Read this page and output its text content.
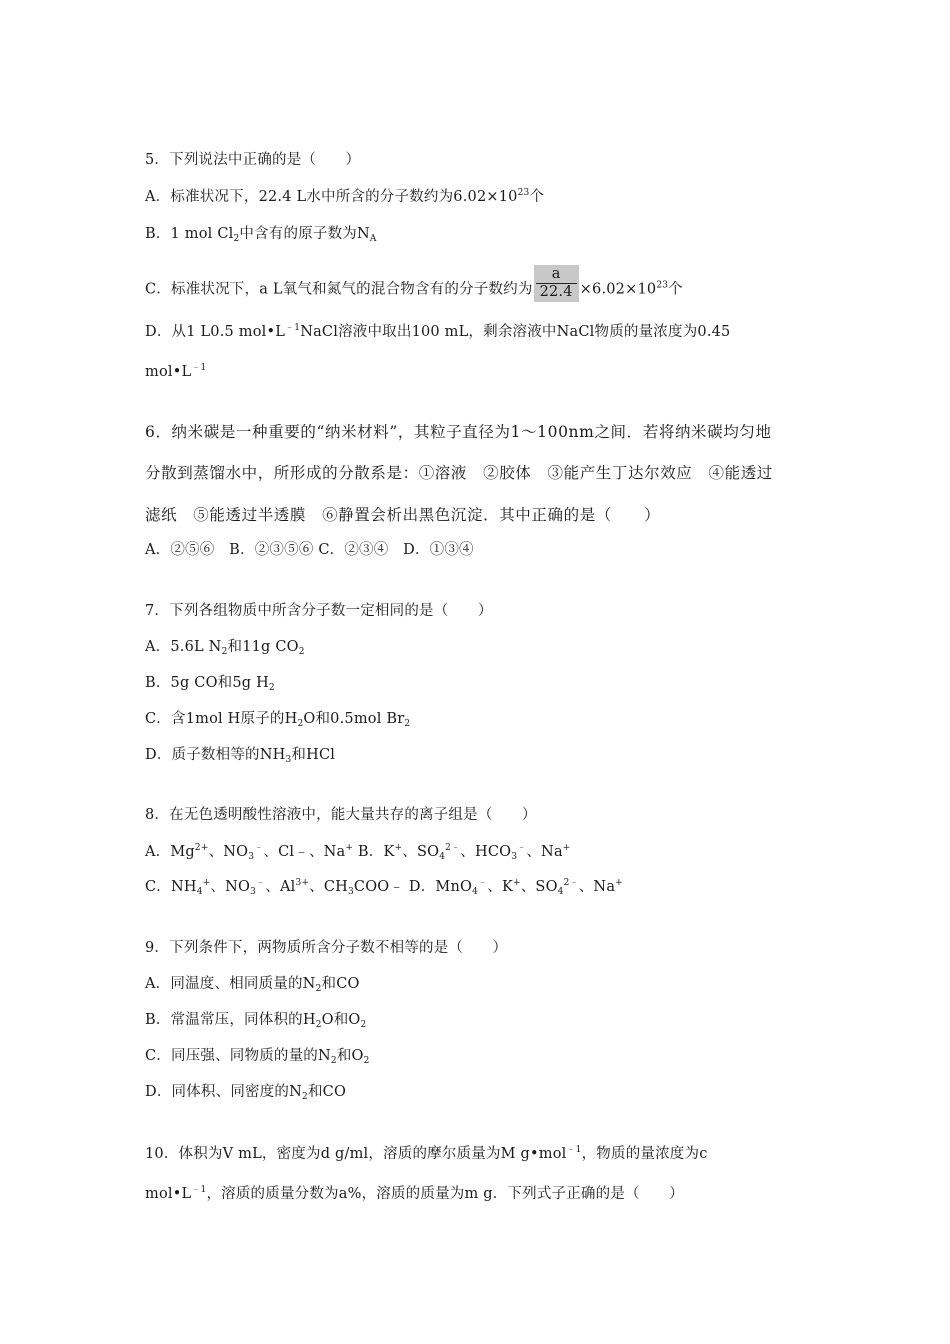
5．下列说法中正确的是（　　）
A．标准状况下，22.4 L水中所含的分子数约为$6.02\times 10^{23}$个
B．1 mol $Cl_2$中含有的原子数为$N_A$
C．标准状况下，a L氧气和氮气的混合物含有的分子数约为 $\frac{a}{22.4} \times 6.02\times 10^{23}$个
D．从1 L0.5 $mol•L^{﹣1}NaCl$溶液中取出100 mL，剩余溶液中NaCl物质的量浓度为0.45
$mol•L^{﹣1}$
6．纳米碳是一种重要的“纳米材料”，其粒子直径为1～100nm之间．若将纳米碳均匀地
分散到蒸馏水中，所形成的分散系是：①溶液　②胶体　③能产生丁达尔效应　④能透过
滤纸　⑤能透过半透膜　⑥静置会析出黑色沉淀．其中正确的是（　　）
A．②⑤⑥　B．②③⑤⑥ C．②③④　D．①③④
7．下列各组物质中所含分子数一定相同的是（　　）
A．5.6L $N_2$和11g $CO_2$
B．5g CO和5g $H_2$
C．含1mol H原子的$H_2O$和0.5mol $Br_2$
D．质子数相等的$NH_3$和HCl
8．在无色透明酸性溶液中，能大量共存的离子组是（　　）
A．$Mg^{2+}$、$NO_3^﹣$、Cl﹣、Na+ B．K+、$SO_4^{2﹣}$、$HCO_3^﹣$、Na+
C．$NH_4^+$、$NO_3^﹣$、$Al^{3+}$、$CH_3COO﹣$ D．MnO$_4$﹣、K+、$SO_4^{2﹣}$、Na+
9．下列条件下，两物质所含分子数不相等的是（　　）
A．同温度、相同质量的$N_2$和CO
B．常温常压，同体积的$H_2O$和$O_2$
C．同压强、同物质的量的$N_2$和$O_2$
D．同体积、同密度的$N_2$和CO
10．体积为V mL，密度为d g/ml，溶质的摩尔质量为M g•mol$^{﹣1}$，物质的量浓度为c
$mol•L^{﹣1}$，溶质的质量分数为a%，溶质的质量为m g．下列式子正确的是（　　）
